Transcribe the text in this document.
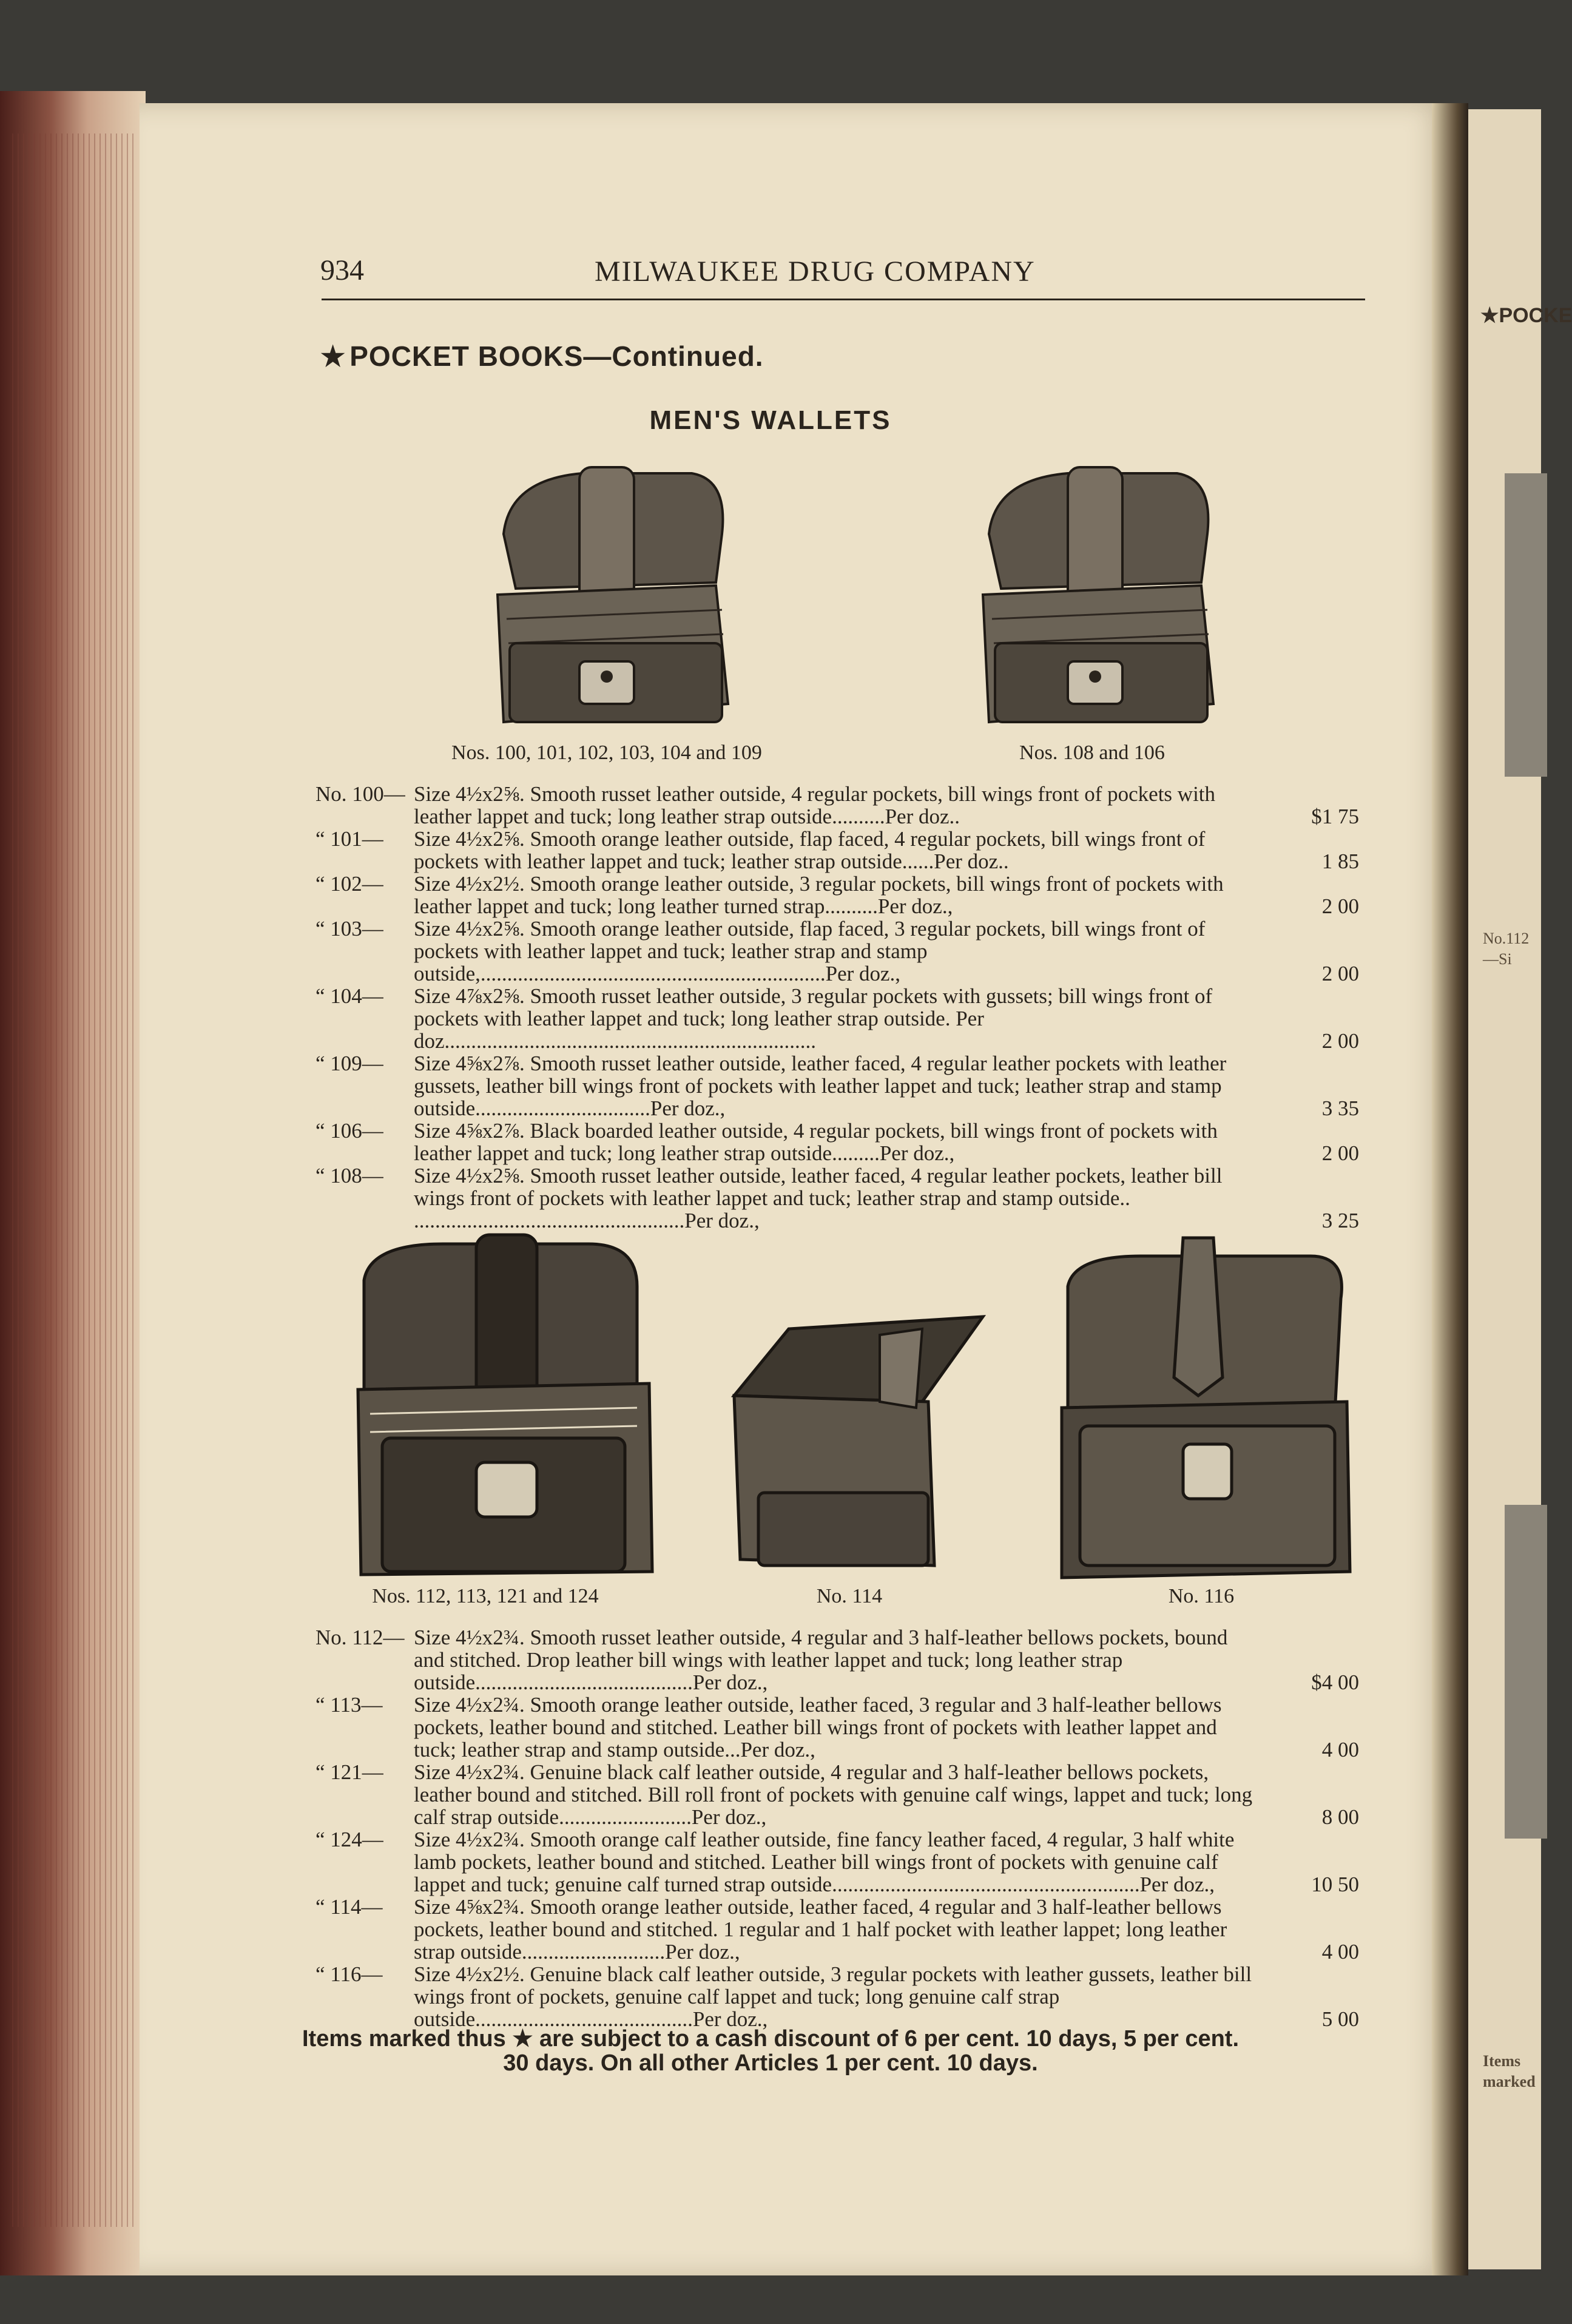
★POCKE
No.112—Si
Items marked
934	MILWAUKEE DRUG COMPANY
★ POCKET BOOKS—Continued.
MEN'S WALLETS
Nos. 100, 101, 102, 103, 104 and 109	Nos. 108 and 106
No. 100— Size 4½x2⅝. Smooth russet leather outside, 4 regular pockets, bill wings front of pockets with leather lappet and tuck; long leather strap outside..........Per doz..	$1 75
“ 101— Size 4½x2⅝. Smooth orange leather outside, flap faced, 4 regular pockets, bill wings front of pockets with leather lappet and tuck; leather strap outside......Per doz..	1 85
“ 102— Size 4½x2½. Smooth orange leather outside, 3 regular pockets, bill wings front of pockets with leather lappet and tuck; long leather turned strap..........Per doz.,	2 00
“ 103— Size 4½x2⅝. Smooth orange leather outside, flap faced, 3 regular pockets, bill wings front of pockets with leather lappet and tuck; leather strap and stamp outside,.................................................................Per doz.,	2 00
“ 104— Size 4⅞x2⅝. Smooth russet leather outside, 3 regular pockets with gussets; bill wings front of pockets with leather lappet and tuck; long leather strap outside. Per doz......................................................................	2 00
“ 109— Size 4⅝x2⅞. Smooth russet leather outside, leather faced, 4 regular leather pockets with leather gussets, leather bill wings front of pockets with leather lappet and tuck; leather strap and stamp outside.................................Per doz.,	3 35
“ 106— Size 4⅝x2⅞. Black boarded leather outside, 4 regular pockets, bill wings front of pockets with leather lappet and tuck; long leather strap outside.........Per doz.,	2 00
“ 108— Size 4½x2⅝. Smooth russet leather outside, leather faced, 4 regular leather pockets, leather bill wings front of pockets with leather lappet and tuck; leather strap and stamp outside.. ...................................................Per doz.,	3 25
Nos. 112, 113, 121 and 124	No. 114	No. 116
No. 112— Size 4½x2¾. Smooth russet leather outside, 4 regular and 3 half-leather bellows pockets, bound and stitched. Drop leather bill wings with leather lappet and tuck; long leather strap outside.........................................Per doz.,	$4 00
“ 113— Size 4½x2¾. Smooth orange leather outside, leather faced, 3 regular and 3 half-leather bellows pockets, leather bound and stitched. Leather bill wings front of pockets with leather lappet and tuck; leather strap and stamp outside...Per doz.,	4 00
“ 121— Size 4½x2¾. Genuine black calf leather outside, 4 regular and 3 half-leather bellows pockets, leather bound and stitched. Bill roll front of pockets with genuine calf wings, lappet and tuck; long calf strap outside.........................Per doz.,	8 00
“ 124— Size 4½x2¾. Smooth orange calf leather outside, fine fancy leather faced, 4 regular, 3 half white lamb pockets, leather bound and stitched. Leather bill wings front of pockets with genuine calf lappet and tuck; genuine calf turned strap outside..........................................................Per doz.,	10 50
“ 114— Size 4⅝x2¾. Smooth orange leather outside, leather faced, 4 regular and 3 half-leather bellows pockets, leather bound and stitched. 1 regular and 1 half pocket with leather lappet; long leather strap outside...........................Per doz.,	4 00
“ 116— Size 4½x2½. Genuine black calf leather outside, 3 regular pockets with leather gussets, leather bill wings front of pockets, genuine calf lappet and tuck; long genuine calf strap outside.........................................Per doz.,	5 00
Items marked thus ★ are subject to a cash discount of 6 per cent. 10 days, 5 per cent.
30 days. On all other Articles 1 per cent. 10 days.
